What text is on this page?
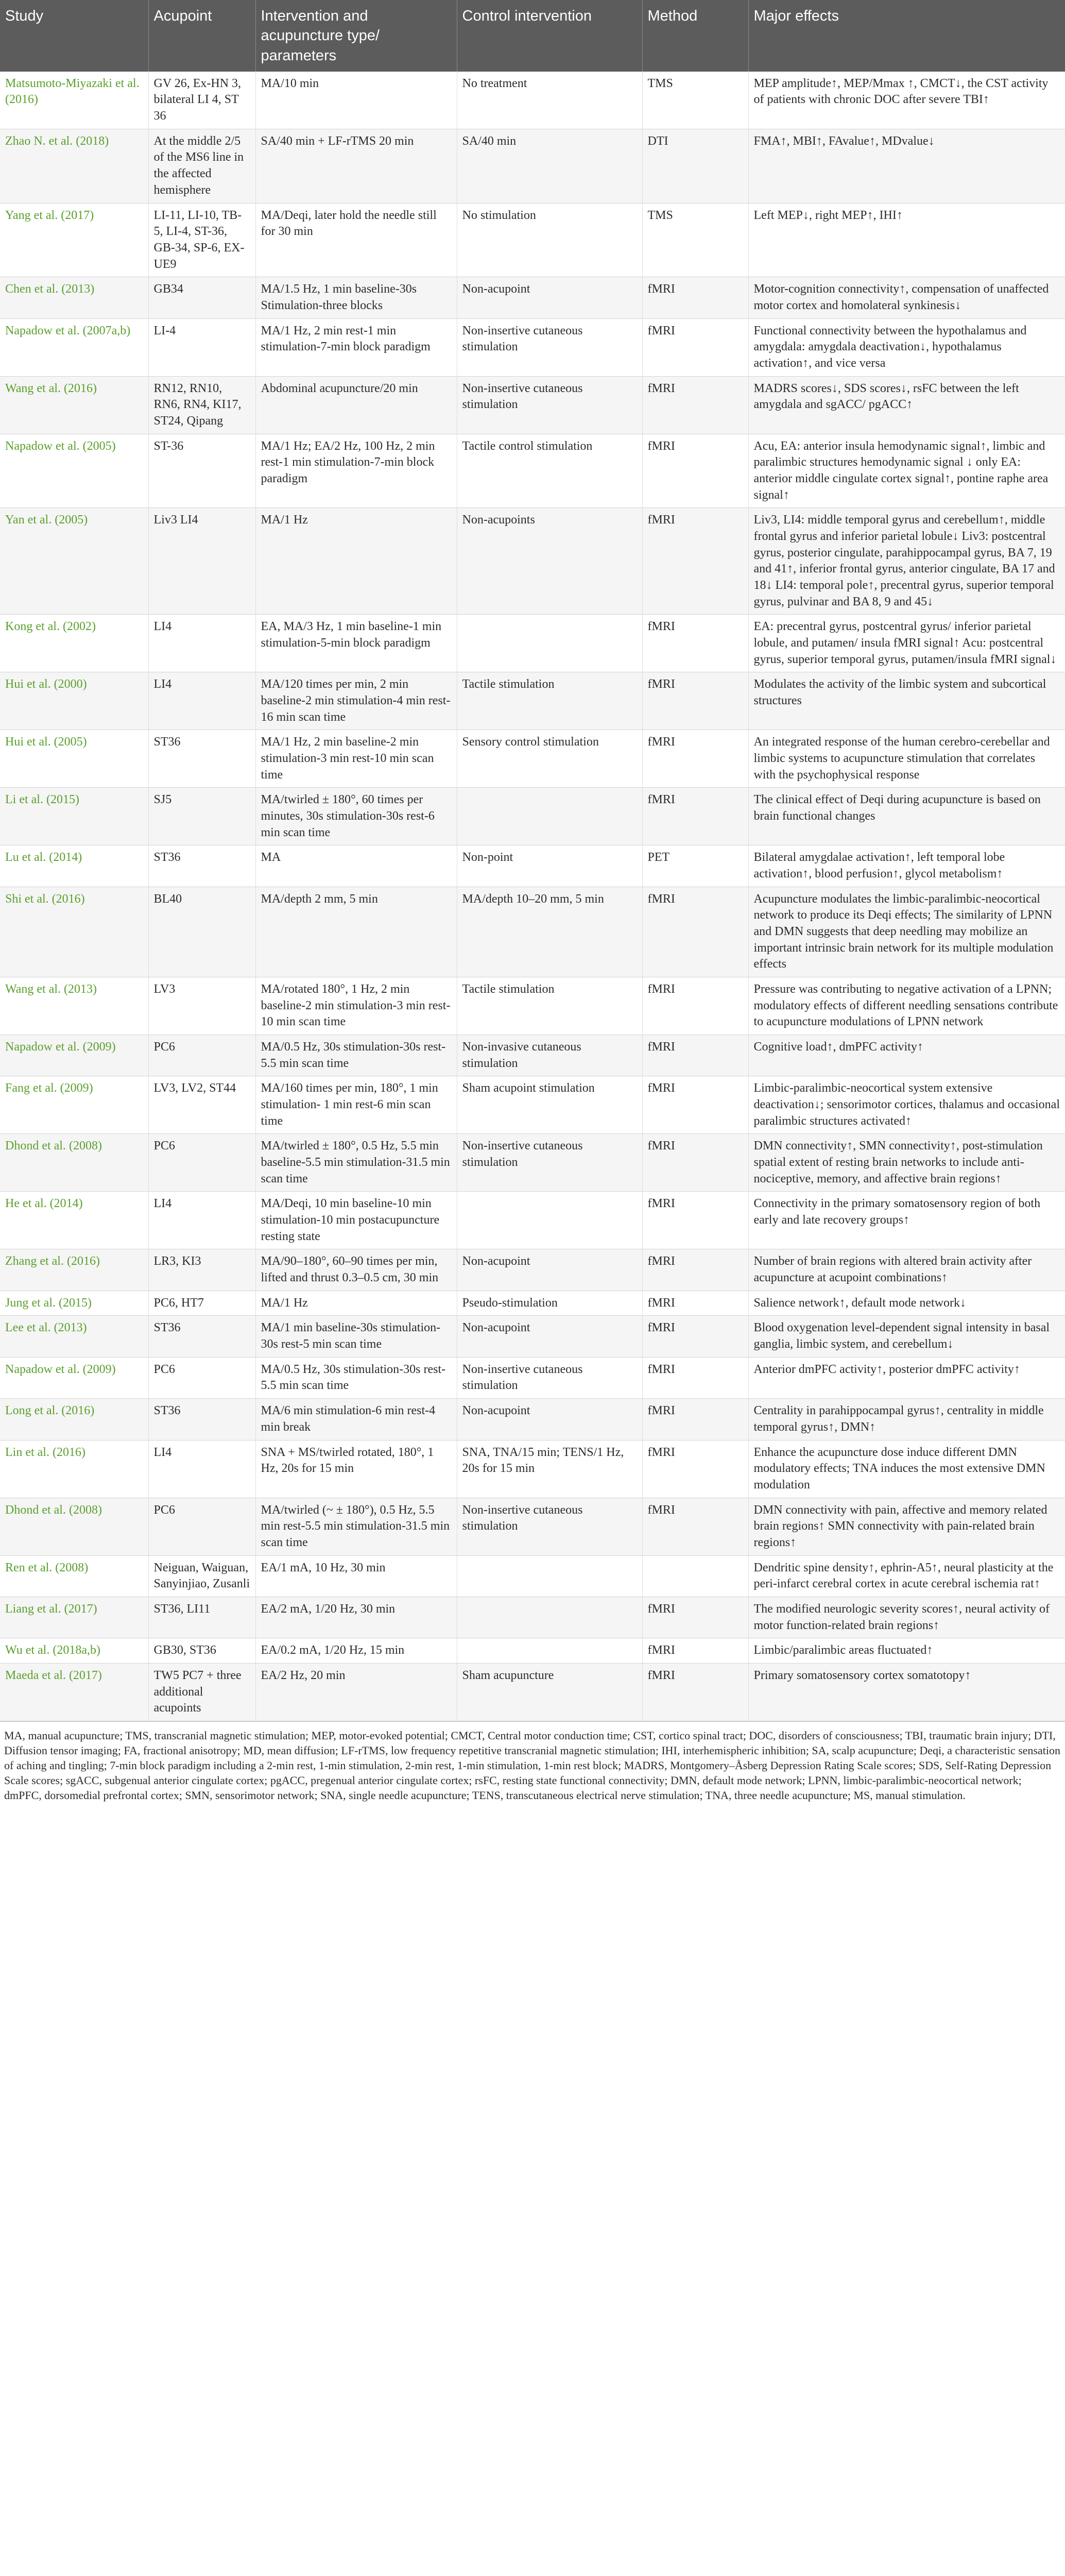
Study	Acupoint	Intervention and acupuncture type/ parameters	Control intervention	Method	Major effects
Matsumoto-Miyazaki et al. (2016)	GV 26, Ex-HN 3, bilateral LI 4, ST 36	MA/10 min	No treatment	TMS	MEP amplitude↑, MEP/Mmax ↑, CMCT↓, the CST activity of patients with chronic DOC after severe TBI↑
Zhao N. et al. (2018)	At the middle 2/5 of the MS6 line in the affected hemisphere	SA/40 min + LF-rTMS 20 min	SA/40 min	DTI	FMA↑, MBI↑, FAvalue↑, MDvalue↓
Yang et al. (2017)	LI-11, LI-10, TB-5, LI-4, ST-36, GB-34, SP-6, EX-UE9	MA/Deqi, later hold the needle still for 30 min	No stimulation	TMS	Left MEP↓, right MEP↑, IHI↑
Chen et al. (2013)	GB34	MA/1.5 Hz, 1 min baseline-30s Stimulation-three blocks	Non-acupoint	fMRI	Motor-cognition connectivity↑, compensation of unaffected motor cortex and homolateral synkinesis↓
Napadow et al. (2007a,b)	LI-4	MA/1 Hz, 2 min rest-1 min stimulation-7-min block paradigm	Non-insertive cutaneous stimulation	fMRI	Functional connectivity between the hypothalamus and amygdala: amygdala deactivation↓, hypothalamus activation↑, and vice versa
Wang et al. (2016)	RN12, RN10, RN6, RN4, KI17, ST24, Qipang	Abdominal acupuncture/20 min	Non-insertive cutaneous stimulation	fMRI	MADRS scores↓, SDS scores↓, rsFC between the left amygdala and sgACC/ pgACC↑
Napadow et al. (2005)	ST-36	MA/1 Hz; EA/2 Hz, 100 Hz, 2 min rest-1 min stimulation-7-min block paradigm	Tactile control stimulation	fMRI	Acu, EA: anterior insula hemodynamic signal↑, limbic and paralimbic structures hemodynamic signal ↓ only EA: anterior middle cingulate cortex signal↑, pontine raphe area signal↑
Yan et al. (2005)	Liv3 LI4	MA/1 Hz	Non-acupoints	fMRI	Liv3, LI4: middle temporal gyrus and cerebellum↑, middle frontal gyrus and inferior parietal lobule↓ Liv3: postcentral gyrus, posterior cingulate, parahippocampal gyrus, BA 7, 19 and 41↑, inferior frontal gyrus, anterior cingulate, BA 17 and 18↓ LI4: temporal pole↑, precentral gyrus, superior temporal gyrus, pulvinar and BA 8, 9 and 45↓
Kong et al. (2002)	LI4	EA, MA/3 Hz, 1 min baseline-1 min stimulation-5-min block paradigm		fMRI	EA: precentral gyrus, postcentral gyrus/ inferior parietal lobule, and putamen/ insula fMRI signal↑ Acu: postcentral gyrus, superior temporal gyrus, putamen/insula fMRI signal↓
Hui et al. (2000)	LI4	MA/120 times per min, 2 min baseline-2 min stimulation-4 min rest-16 min scan time	Tactile stimulation	fMRI	Modulates the activity of the limbic system and subcortical structures
Hui et al. (2005)	ST36	MA/1 Hz, 2 min baseline-2 min stimulation-3 min rest-10 min scan time	Sensory control stimulation	fMRI	An integrated response of the human cerebro-cerebellar and limbic systems to acupuncture stimulation that correlates with the psychophysical response
Li et al. (2015)	SJ5	MA/twirled ± 180°, 60 times per minutes, 30s stimulation-30s rest-6 min scan time		fMRI	The clinical effect of Deqi during acupuncture is based on brain functional changes
Lu et al. (2014)	ST36	MA	Non-point	PET	Bilateral amygdalae activation↑, left temporal lobe activation↑, blood perfusion↑, glycol metabolism↑
Shi et al. (2016)	BL40	MA/depth 2 mm, 5 min	MA/depth 10–20 mm, 5 min	fMRI	Acupuncture modulates the limbic-paralimbic-neocortical network to produce its Deqi effects; The similarity of LPNN and DMN suggests that deep needling may mobilize an important intrinsic brain network for its multiple modulation effects
Wang et al. (2013)	LV3	MA/rotated 180°, 1 Hz, 2 min baseline-2 min stimulation-3 min rest-10 min scan time	Tactile stimulation	fMRI	Pressure was contributing to negative activation of a LPNN; modulatory effects of different needling sensations contribute to acupuncture modulations of LPNN network
Napadow et al. (2009)	PC6	MA/0.5 Hz, 30s stimulation-30s rest-5.5 min scan time	Non-invasive cutaneous stimulation	fMRI	Cognitive load↑, dmPFC activity↑
Fang et al. (2009)	LV3, LV2, ST44	MA/160 times per min, 180°, 1 min stimulation- 1 min rest-6 min scan time	Sham acupoint stimulation	fMRI	Limbic-paralimbic-neocortical system extensive deactivation↓; sensorimotor cortices, thalamus and occasional paralimbic structures activated↑
Dhond et al. (2008)	PC6	MA/twirled ± 180°, 0.5 Hz, 5.5 min baseline-5.5 min stimulation-31.5 min scan time	Non-insertive cutaneous stimulation	fMRI	DMN connectivity↑, SMN connectivity↑, post-stimulation spatial extent of resting brain networks to include anti-nociceptive, memory, and affective brain regions↑
He et al. (2014)	LI4	MA/Deqi, 10 min baseline-10 min stimulation-10 min postacupuncture resting state		fMRI	Connectivity in the primary somatosensory region of both early and late recovery groups↑
Zhang et al. (2016)	LR3, KI3	MA/90–180°, 60–90 times per min, lifted and thrust 0.3–0.5 cm, 30 min	Non-acupoint	fMRI	Number of brain regions with altered brain activity after acupuncture at acupoint combinations↑
Jung et al. (2015)	PC6, HT7	MA/1 Hz	Pseudo-stimulation	fMRI	Salience network↑, default mode network↓
Lee et al. (2013)	ST36	MA/1 min baseline-30s stimulation-30s rest-5 min scan time	Non-acupoint	fMRI	Blood oxygenation level-dependent signal intensity in basal ganglia, limbic system, and cerebellum↓
Napadow et al. (2009)	PC6	MA/0.5 Hz, 30s stimulation-30s rest-5.5 min scan time	Non-insertive cutaneous stimulation	fMRI	Anterior dmPFC activity↑, posterior dmPFC activity↑
Long et al. (2016)	ST36	MA/6 min stimulation-6 min rest-4 min break	Non-acupoint	fMRI	Centrality in parahippocampal gyrus↑, centrality in middle temporal gyrus↑, DMN↑
Lin et al. (2016)	LI4	SNA + MS/twirled rotated, 180°, 1 Hz, 20s for 15 min	SNA, TNA/15 min; TENS/1 Hz, 20s for 15 min	fMRI	Enhance the acupuncture dose induce different DMN modulatory effects; TNA induces the most extensive DMN modulation
Dhond et al. (2008)	PC6	MA/twirled (~ ± 180°), 0.5 Hz, 5.5 min rest-5.5 min stimulation-31.5 min scan time	Non-insertive cutaneous stimulation	fMRI	DMN connectivity with pain, affective and memory related brain regions↑ SMN connectivity with pain-related brain regions↑
Ren et al. (2008)	Neiguan, Waiguan, Sanyinjiao, Zusanli	EA/1 mA, 10 Hz, 30 min			Dendritic spine density↑, ephrin-A5↑, neural plasticity at the peri-infarct cerebral cortex in acute cerebral ischemia rat↑
Liang et al. (2017)	ST36, LI11	EA/2 mA, 1/20 Hz, 30 min		fMRI	The modified neurologic severity scores↑, neural activity of motor function-related brain regions↑
Wu et al. (2018a,b)	GB30, ST36	EA/0.2 mA, 1/20 Hz, 15 min		fMRI	Limbic/paralimbic areas fluctuated↑
Maeda et al. (2017)	TW5 PC7 + three additional acupoints	EA/2 Hz, 20 min	Sham acupuncture	fMRI	Primary somatosensory cortex somatotopy↑
MA, manual acupuncture; TMS, transcranial magnetic stimulation; MEP, motor-evoked potential; CMCT, Central motor conduction time; CST, cortico spinal tract; DOC, disorders of consciousness; TBI, traumatic brain injury; DTI, Diffusion tensor imaging; FA, fractional anisotropy; MD, mean diffusion; LF-rTMS, low frequency repetitive transcranial magnetic stimulation; IHI, interhemispheric inhibition; SA, scalp acupuncture; Deqi, a characteristic sensation of aching and tingling; 7-min block paradigm including a 2-min rest, 1-min stimulation, 2-min rest, 1-min stimulation, 1-min rest block; MADRS, Montgomery–Åsberg Depression Rating Scale scores; SDS, Self-Rating Depression Scale scores; sgACC, subgenual anterior cingulate cortex; pgACC, pregenual anterior cingulate cortex; rsFC, resting state functional connectivity; DMN, default mode network; LPNN, limbic-paralimbic-neocortical network; dmPFC, dorsomedial prefrontal cortex; SMN, sensorimotor network; SNA, single needle acupuncture; TENS, transcutaneous electrical nerve stimulation; TNA, three needle acupuncture; MS, manual stimulation.
